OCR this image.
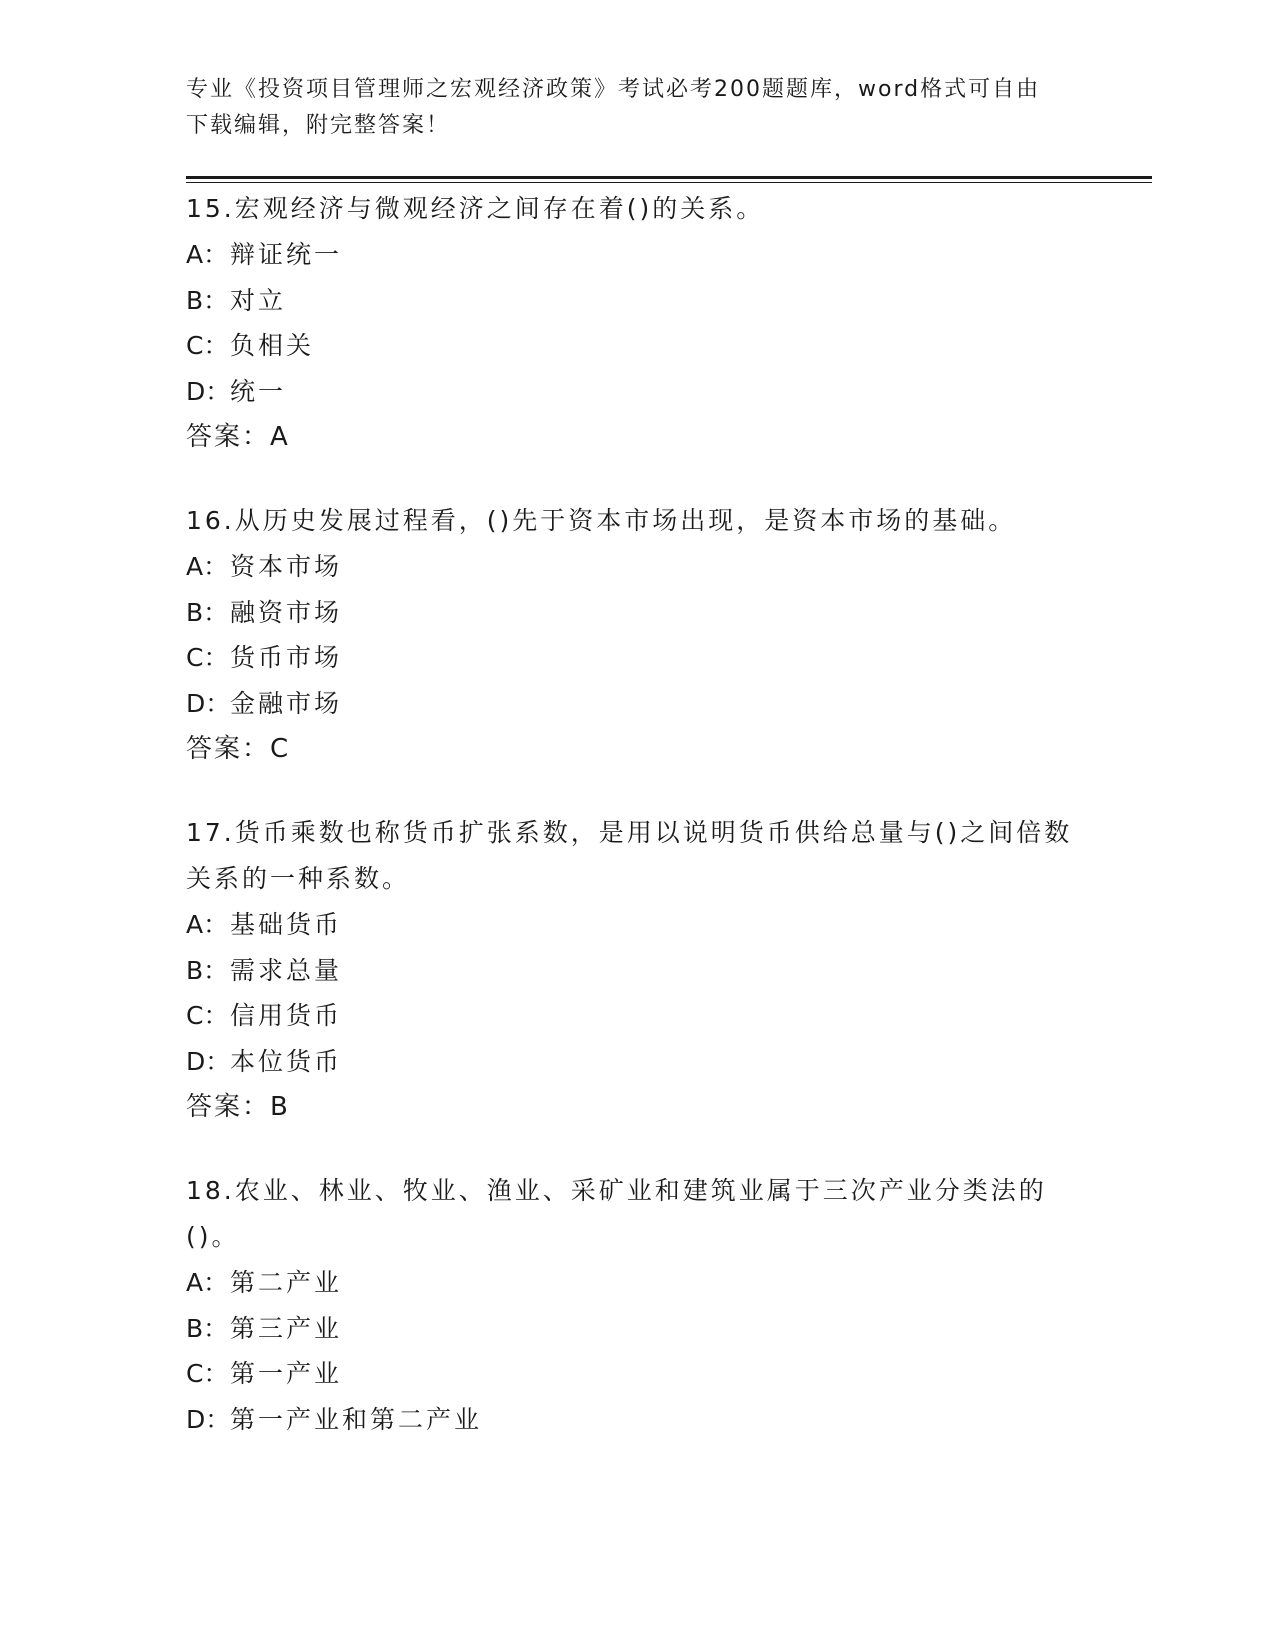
专业《投资项目管理师之宏观经济政策》考试必考200题题库，word格式可自由
下载编辑，附完整答案！

15.宏观经济与微观经济之间存在着()的关系。

A：辩证统一
B：对立
C：负相关
D：统一
答案：A

16.从历史发展过程看，()先于资本市场出现，是资本市场的基础。

A：资本市场
B：融资市场
C：货币市场
D：金融市场
答案：C

17.货币乘数也称货币扩张系数，是用以说明货币供给总量与()之间倍数关系的一种系数。

A：基础货币
B：需求总量
C：信用货币
D：本位货币
答案：B

18.农业、林业、牧业、渔业、采矿业和建筑业属于三次产业分类法的()。

A：第二产业
B：第三产业
C：第一产业
D：第一产业和第二产业
